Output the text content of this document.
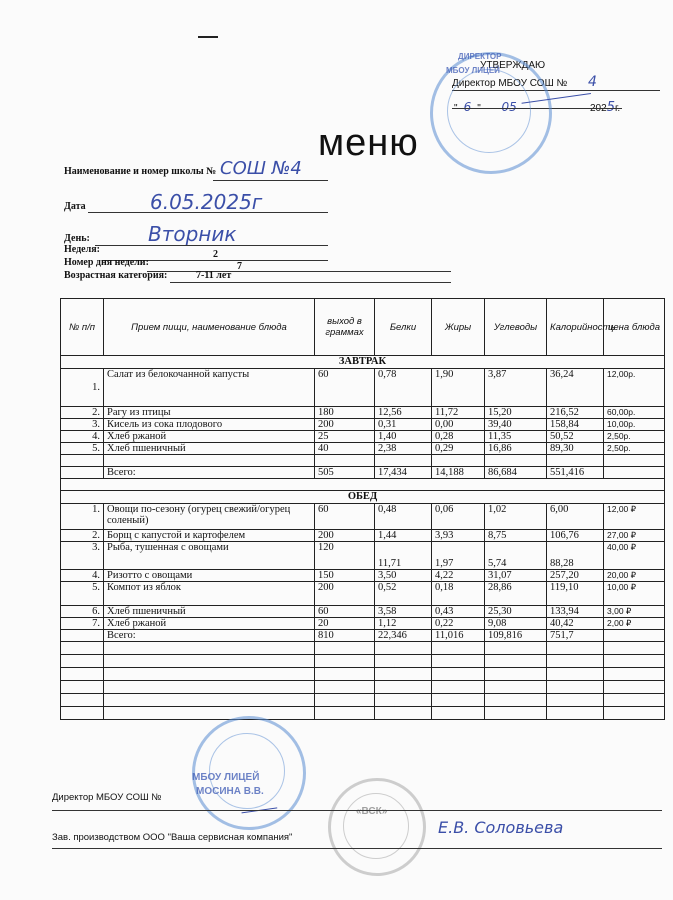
УТВЕРЖДАЮ
Директор МБОУ СОШ № 4
" 6 " 05	2025г.
ДИРЕКТОР
МБОУ ЛИЦЕЙ
меню
Наименование и номер школы № СОШ №4
Дата	6.05.2025г
День:	Вторник
Неделя:	2
Номер дня недели:	7
Возрастная категория:	7-11 лет
№ п/п	Прием пищи, наименование блюда	выход в граммах	Белки	Жиры	Углеводы	Калорийность	цена блюда
ЗАВТРАК							
1.	Салат из белокочанной капусты	60	0,78	1,90	3,87	36,24	12,00р.
2.	Рагу из птицы	180	12,56	11,72	15,20	216,52	60,00р.
3.	Кисель из сока плодового	200	0,31	0,00	39,40	158,84	10,00р.
4.	Хлеб ржаной	25	1,40	0,28	11,35	50,52	2,50р.
5.	Хлеб пшеничный	40	2,38	0,29	16,86	89,30	2,50р.

	Всего:	505	17,434	14,188	86,684	551,416	

ОБЕД							
1.	Овощи по-сезону (огурец свежий/огурец соленый)	60	0,48	0,06	1,02	6,00	12,00 ₽
2.	Борщ с капустой и картофелем	200	1,44	3,93	8,75	106,76	27,00 ₽
3.	Рыба, тушенная с овощами	120	11,71	1,97	5,74	88,28	40,00 ₽
4.	Ризотто с овощами	150	3,50	4,22	31,07	257,20	20,00 ₽
5.	Компот из яблок	200	0,52	0,18	28,86	119,10	10,00 ₽
6.	Хлеб пшеничный	60	3,58	0,43	25,30	133,94	3,00 ₽
7.	Хлеб ржаной	20	1,12	0,22	9,08	40,42	2,00 ₽
	Всего:	810	22,346	11,016	109,816	751,7	

МБОУ ЛИЦЕЙ
МОСИНА В.В.
«ВСК»
Директор МБОУ СОШ №
Зав. производством ООО "Ваша сервисная компания"
Е.В. Соловьева
